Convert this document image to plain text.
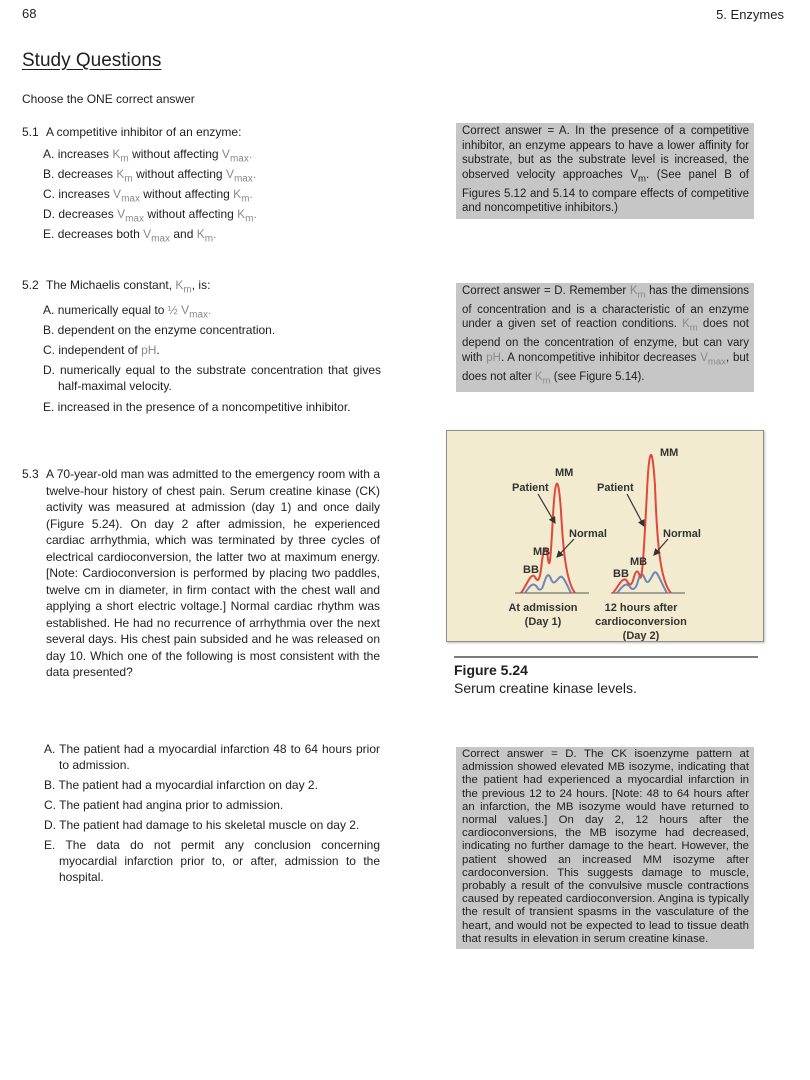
68	5. Enzymes
Study Questions
Choose the ONE correct answer
5.1 A competitive inhibitor of an enzyme:
A. increases $K_m$ without affecting $V_{max}$.
B. decreases $K_m$ without affecting $V_{max}$.
C. increases $V_{max}$ without affecting $K_m$.
D. decreases $V_{max}$ without affecting $K_m$.
E. decreases both $V_{max}$ and $K_m$.
Correct answer = A. In the presence of a competitive inhibitor, an enzyme appears to have a lower affinity for substrate, but as the substrate level is increased, the observed velocity approaches $V_m$. (See panel B of Figures 5.12 and 5.14 to compare effects of competitive and noncompetitive inhibitors.)
5.2 The Michaelis constant, $K_m$, is:
A. numerically equal to ½ $V_{max}$.
B. dependent on the enzyme concentration.
C. independent of pH.
D. numerically equal to the substrate concentration that gives half-maximal velocity.
E. increased in the presence of a noncompetitive inhibitor.
Correct answer = D. Remember $K_m$ has the dimensions of concentration and is a characteristic of an enzyme under a given set of reaction conditions. $K_m$ does not depend on the concentration of enzyme, but can vary with pH. A noncompetitive inhibitor decreases $V_{max}$, but does not alter $K_m$ (see Figure 5.14).
5.3 A 70-year-old man was admitted to the emergency room with a twelve-hour history of chest pain. Serum creatine kinase (CK) activity was measured at admission (day 1) and once daily (Figure 5.24). On day 2 after admission, he experienced cardiac arrhythmia, which was terminated by three cycles of electrical cardioconversion, the latter two at maximum energy. [Note: Cardioconversion is performed by placing two paddles, twelve cm in diameter, in firm contact with the chest wall and applying a short electric voltage.] Normal cardiac rhythm was established. He had no recurrence of arrhythmia over the next several days. His chest pain subsided and he was released on day 10. Which one of the following is most consistent with the data presented?
A. The patient had a myocardial infarction 48 to 64 hours prior to admission.
B. The patient had a myocardial infarction on day 2.
C. The patient had angina prior to admission.
D. The patient had damage to his skeletal muscle on day 2.
E. The data do not permit any conclusion concerning myocardial infarction prior to, or after, admission to the hospital.
Correct answer = D. The CK isoenzyme pattern at admission showed elevated MB isozyme, indicating that the patient had experienced a myocardial infarction in the previous 12 to 24 hours. [Note: 48 to 64 hours after an infarction, the MB isozyme would have returned to normal values.] On day 2, 12 hours after the cardioconversions, the MB isozyme had decreased, indicating no further damage to the heart. However, the patient showed an increased MM isozyme after cardoconversion. This suggests damage to muscle, probably a result of the convulsive muscle contractions caused by repeated cardioconversion. Angina is typically the result of transient spasms in the vasculature of the heart, and would not be expected to lead to tissue death that results in elevation in serum creatine kinase.
MM
Patient
Normal
MB
BB
MM
Patient
Normal
MB
BB
At admission
(Day 1)
12 hours after
cardioconversion
(Day 2)
Figure 5.24
Serum creatine kinase levels.
